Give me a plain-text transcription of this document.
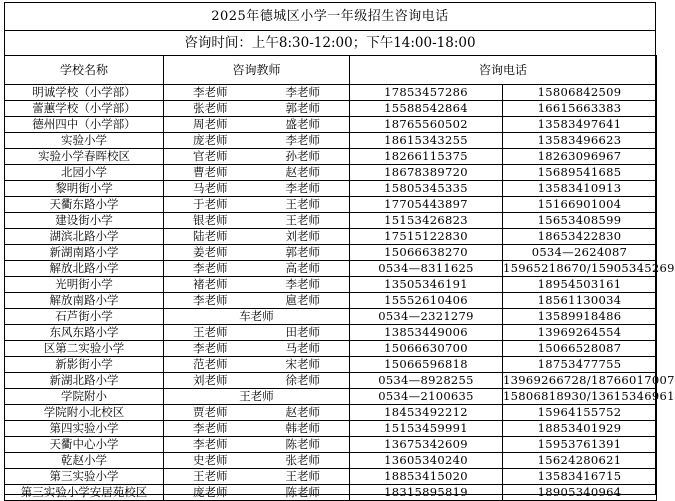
2025年德城区小学一年级招生咨询电话
咨询时间：上午8:30-12:00；下午14:00-18:00
学校名称	咨询教师	咨询电话	
明诚学校（小学部）	李老师 李老师	17853457286	15806842509
蕾蕙学校（小学部）	张老师 郭老师	15588542864	16615663383
德州四中（小学部）	周老师 盛老师	18765560502	13583497641
实验小学	庞老师 李老师	18615343255	13583496623
实验小学春晖校区	官老师 孙老师	18266115375	18263096967
北园小学	曹老师 赵老师	18678389720	15689541685
黎明街小学	马老师 李老师	15805345335	13583410913
天衢东路小学	于老师 王老师	17705443897	15166901004
建设街小学	银老师 王老师	15153426823	15653408599
湖滨北路小学	陆老师 刘老师	17515122830	18653422830
新湖南路小学	姜老师 郭老师	15066638270	0534—2624087
解放北路小学	李老师 高老师	0534—8311625	15965218670/15905345269
光明街小学	褚老师 李老师	13505346191	18954503161
解放南路小学	李老师 扈老师	15552610406	18561130034
石芦街小学	车老师	0534—2321279	13589918486
东风东路小学	王老师 田老师	13853449006	13969264554
区第二实验小学	李老师 马老师	15066630700	15066528087
新影街小学	范老师 宋老师	15066596818	18753477755
新湖北路小学	刘老师 徐老师	0534—8928255	13969266728/18766017007
学院附小	王老师	0534—2100635	15806818930/13615346961
学院附小北校区	贾老师 赵老师	18453492212	15964155752
第四实验小学	李老师 韩老师	15153459991	18853401929
天衢中心小学	李老师 陈老师	13675342609	15953761391
乾赵小学	史老师 张老师	13605340240	15624280621
第三实验小学	王老师 王老师	18853415020	13583416715
第三实验小学安居苑校区	庞老师 陈老师	18315895819	18905340964
